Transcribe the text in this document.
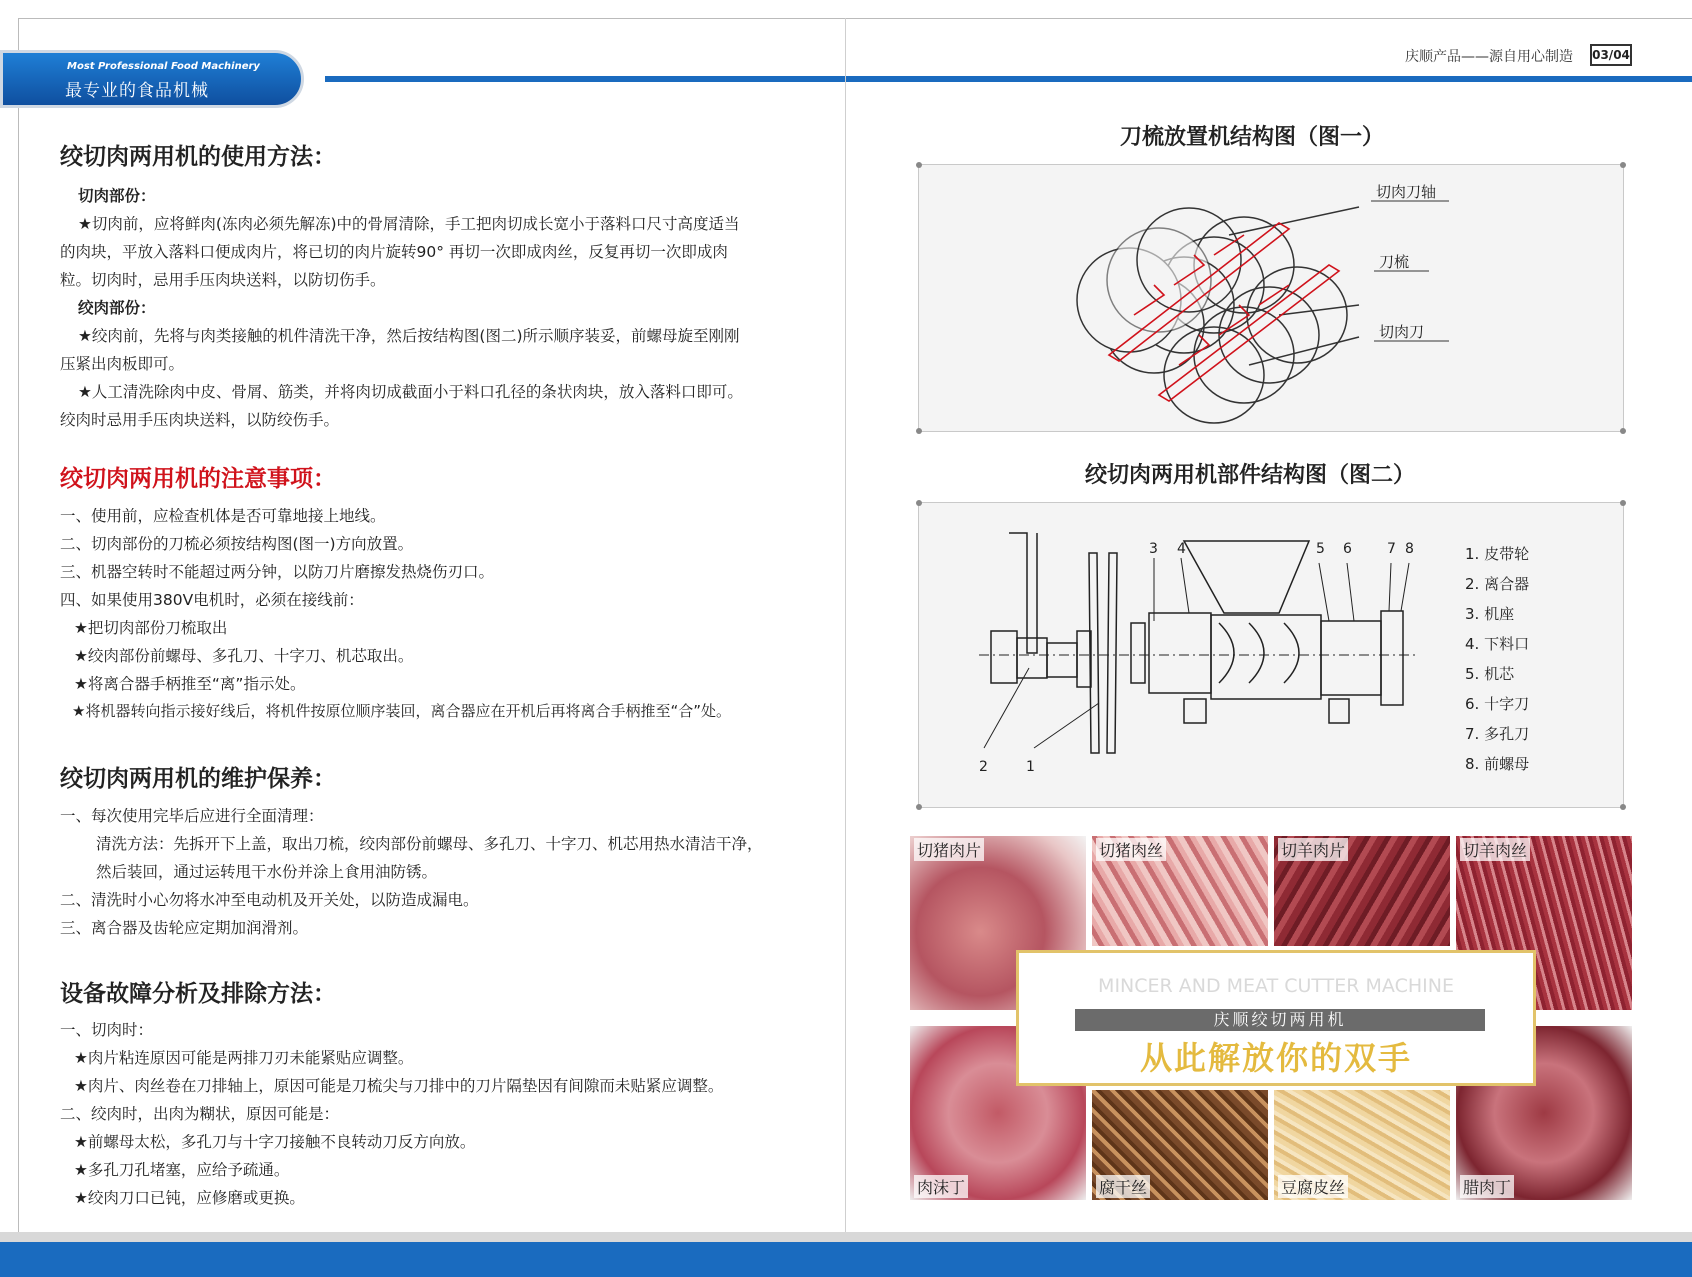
Most Professional Food Machinery
最专业的食品机械
庆顺产品——源自用心制造 03/04
绞切肉两用机的使用方法：
切肉部份：
★切肉前，应将鲜肉(冻肉必须先解冻)中的骨屑清除，手工把肉切成长宽小于落料口尺寸高度适当
的肉块，平放入落料口便成肉片，将已切的肉片旋转90° 再切一次即成肉丝，反复再切一次即成肉
粒。切肉时，忌用手压肉块送料，以防切伤手。
绞肉部份：
★绞肉前，先将与肉类接触的机件清洗干净，然后按结构图(图二)所示顺序装妥，前螺母旋至刚刚
压紧出肉板即可。
★人工清洗除肉中皮、骨屑、筋类，并将肉切成截面小于料口孔径的条状肉块，放入落料口即可。
绞肉时忌用手压肉块送料，以防绞伤手。
绞切肉两用机的注意事项：
一、使用前，应检查机体是否可靠地接上地线。
二、切肉部份的刀梳必须按结构图(图一)方向放置。
三、机器空转时不能超过两分钟，以防刀片磨擦发热烧伤刃口。
四、如果使用380V电机时，必须在接线前：
★把切肉部份刀梳取出
★绞肉部份前螺母、多孔刀、十字刀、机芯取出。
★将离合器手柄推至“离”指示处。
★将机器转向指示接好线后，将机件按原位顺序装回，离合器应在开机后再将离合手柄推至“合”处。
绞切肉两用机的维护保养：
一、每次使用完毕后应进行全面清理：
清洗方法：先拆开下上盖，取出刀梳，绞肉部份前螺母、多孔刀、十字刀、机芯用热水清洁干净，
然后装回，通过运转甩干水份并涂上食用油防锈。
二、清洗时小心勿将水冲至电动机及开关处，以防造成漏电。
三、离合器及齿轮应定期加润滑剂。
设备故障分析及排除方法：
一、切肉时：
★肉片粘连原因可能是两排刀刃未能紧贴应调整。
★肉片、肉丝卷在刀排轴上，原因可能是刀梳尖与刀排中的刀片隔垫因有间隙而未贴紧应调整。
二、绞肉时，出肉为糊状，原因可能是：
★前螺母太松，多孔刀与十字刀接触不良转动刀反方向放。
★多孔刀孔堵塞，应给予疏通。
★绞肉刀口已钝，应修磨或更换。
刀梳放置机结构图（图一）
切肉刀轴
刀梳
切肉刀
绞切肉两用机部件结构图（图二）
1
2
3 4	5 6	7 8	1. 皮带轮
2. 离合器
3. 机座
4. 下料口
5. 机芯
6. 十字刀
7. 多孔刀
8. 前螺母
切猪肉片	切猪肉丝	切羊肉片	切羊肉丝
肉沫丁	腐干丝	豆腐皮丝	腊肉丁
MINCER AND MEAT CUTTER MACHINE
庆顺绞切两用机
从此解放你的双手
